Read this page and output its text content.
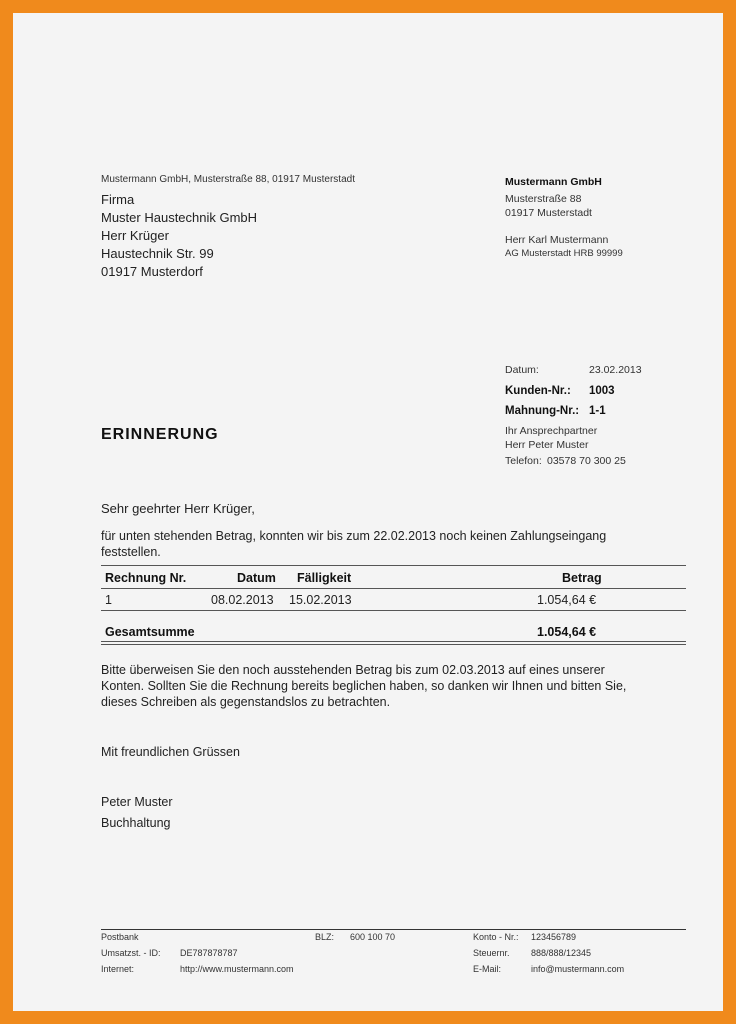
Mustermann GmbH, Musterstraße 88, 01917 Musterstadt
Firma
Muster Haustechnik GmbH
Herr Krüger
Haustechnik Str. 99
01917 Musterdorf
Mustermann GmbH
Musterstraße 88
01917 Musterstadt
Herr Karl Mustermann
AG Musterstadt HRB 99999
Datum:	23.02.2013
Kunden-Nr.: 1003
Mahnung-Nr.: 1-1
Ihr Ansprechpartner
Herr Peter Muster
Telefon: 03578 70 300 25
ERINNERUNG
Sehr geehrter Herr Krüger,
für unten stehenden Betrag, konnten wir bis zum 22.02.2013 noch keinen Zahlungseingang
feststellen.
Rechnung Nr.	Datum Fälligkeit	Betrag
1	08.02.2013 15.02.2013	1.054,64 €
Gesamtsumme	1.054,64 €
Bitte überweisen Sie den noch ausstehenden Betrag bis zum 02.03.2013 auf eines unserer
Konten. Sollten Sie die Rechnung bereits beglichen haben, so danken wir Ihnen und bitten Sie,
dieses Schreiben als gegenstandslos zu betrachten.
Mit freundlichen Grüssen
Peter Muster
Buchhaltung
Postbank	BLZ: 600 100 70	Konto - Nr.: 123456789
Umsatzst. - ID: DE787878787	Steuernr. 888/888/12345
Internet:	http://www.mustermann.com	E-Mail:	info@mustermann.com
